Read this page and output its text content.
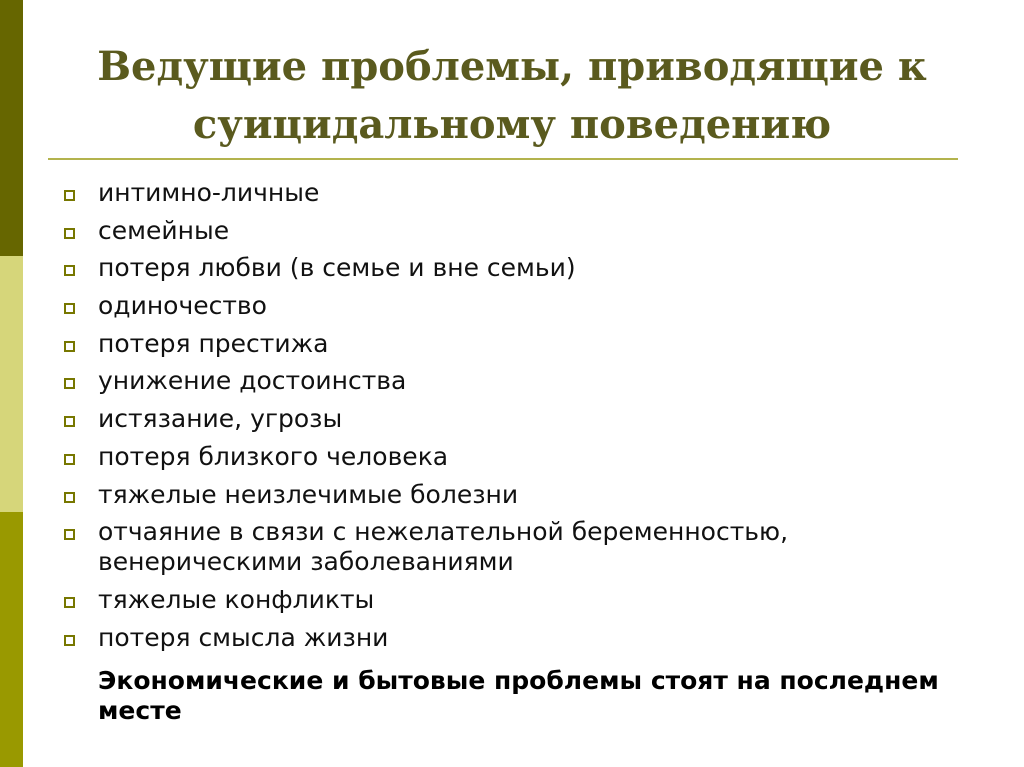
Ведущие проблемы, приводящие к суицидальному поведению
интимно-личные
семейные
потеря любви (в семье и вне семьи)
одиночество
потеря престижа
унижение достоинства
истязание, угрозы
потеря близкого человека
тяжелые неизлечимые болезни
отчаяние в связи с нежелательной беременностью, венерическими заболеваниями
тяжелые конфликты
потеря смысла жизни

Экономические и бытовые проблемы стоят на последнем месте
